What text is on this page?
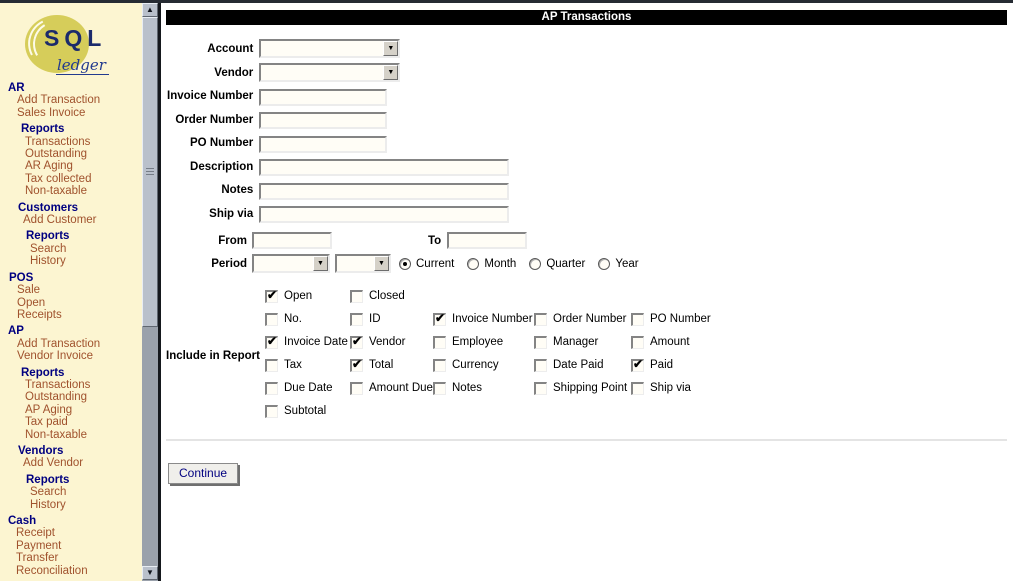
SQL
ledger
AR
Add Transaction
Sales Invoice
Reports
Transactions
Outstanding
AR Aging
Tax collected
Non-taxable
Customers
Add Customer
Reports
Search
History
POS
Sale
Open
Receipts
AP
Add Transaction
Vendor Invoice
Reports
Transactions
Outstanding
AP Aging
Tax paid
Non-taxable
Vendors
Add Vendor
Reports
Search
History
Cash
Receipt
Payment
Transfer
Reconciliation
▲
▼
AP Transactions
Account	▼

Vendor	▼

Invoice Number	
Order Number	
PO Number	
Description	
Notes	
Ship via	
From	To
Period	▼	▼	Current	Month	Quarter	Year
Include in Report
✔ Open	Closed			

No.	ID	✔ Invoice Number	Order Number	PO Number

✔ Invoice Date	✔ Vendor	Employee	Manager	Amount

Tax	✔ Total	Currency	Date Paid	✔ Paid

Due Date	Amount Due	Notes	Shipping Point	Ship via

Subtotal				

Continue
